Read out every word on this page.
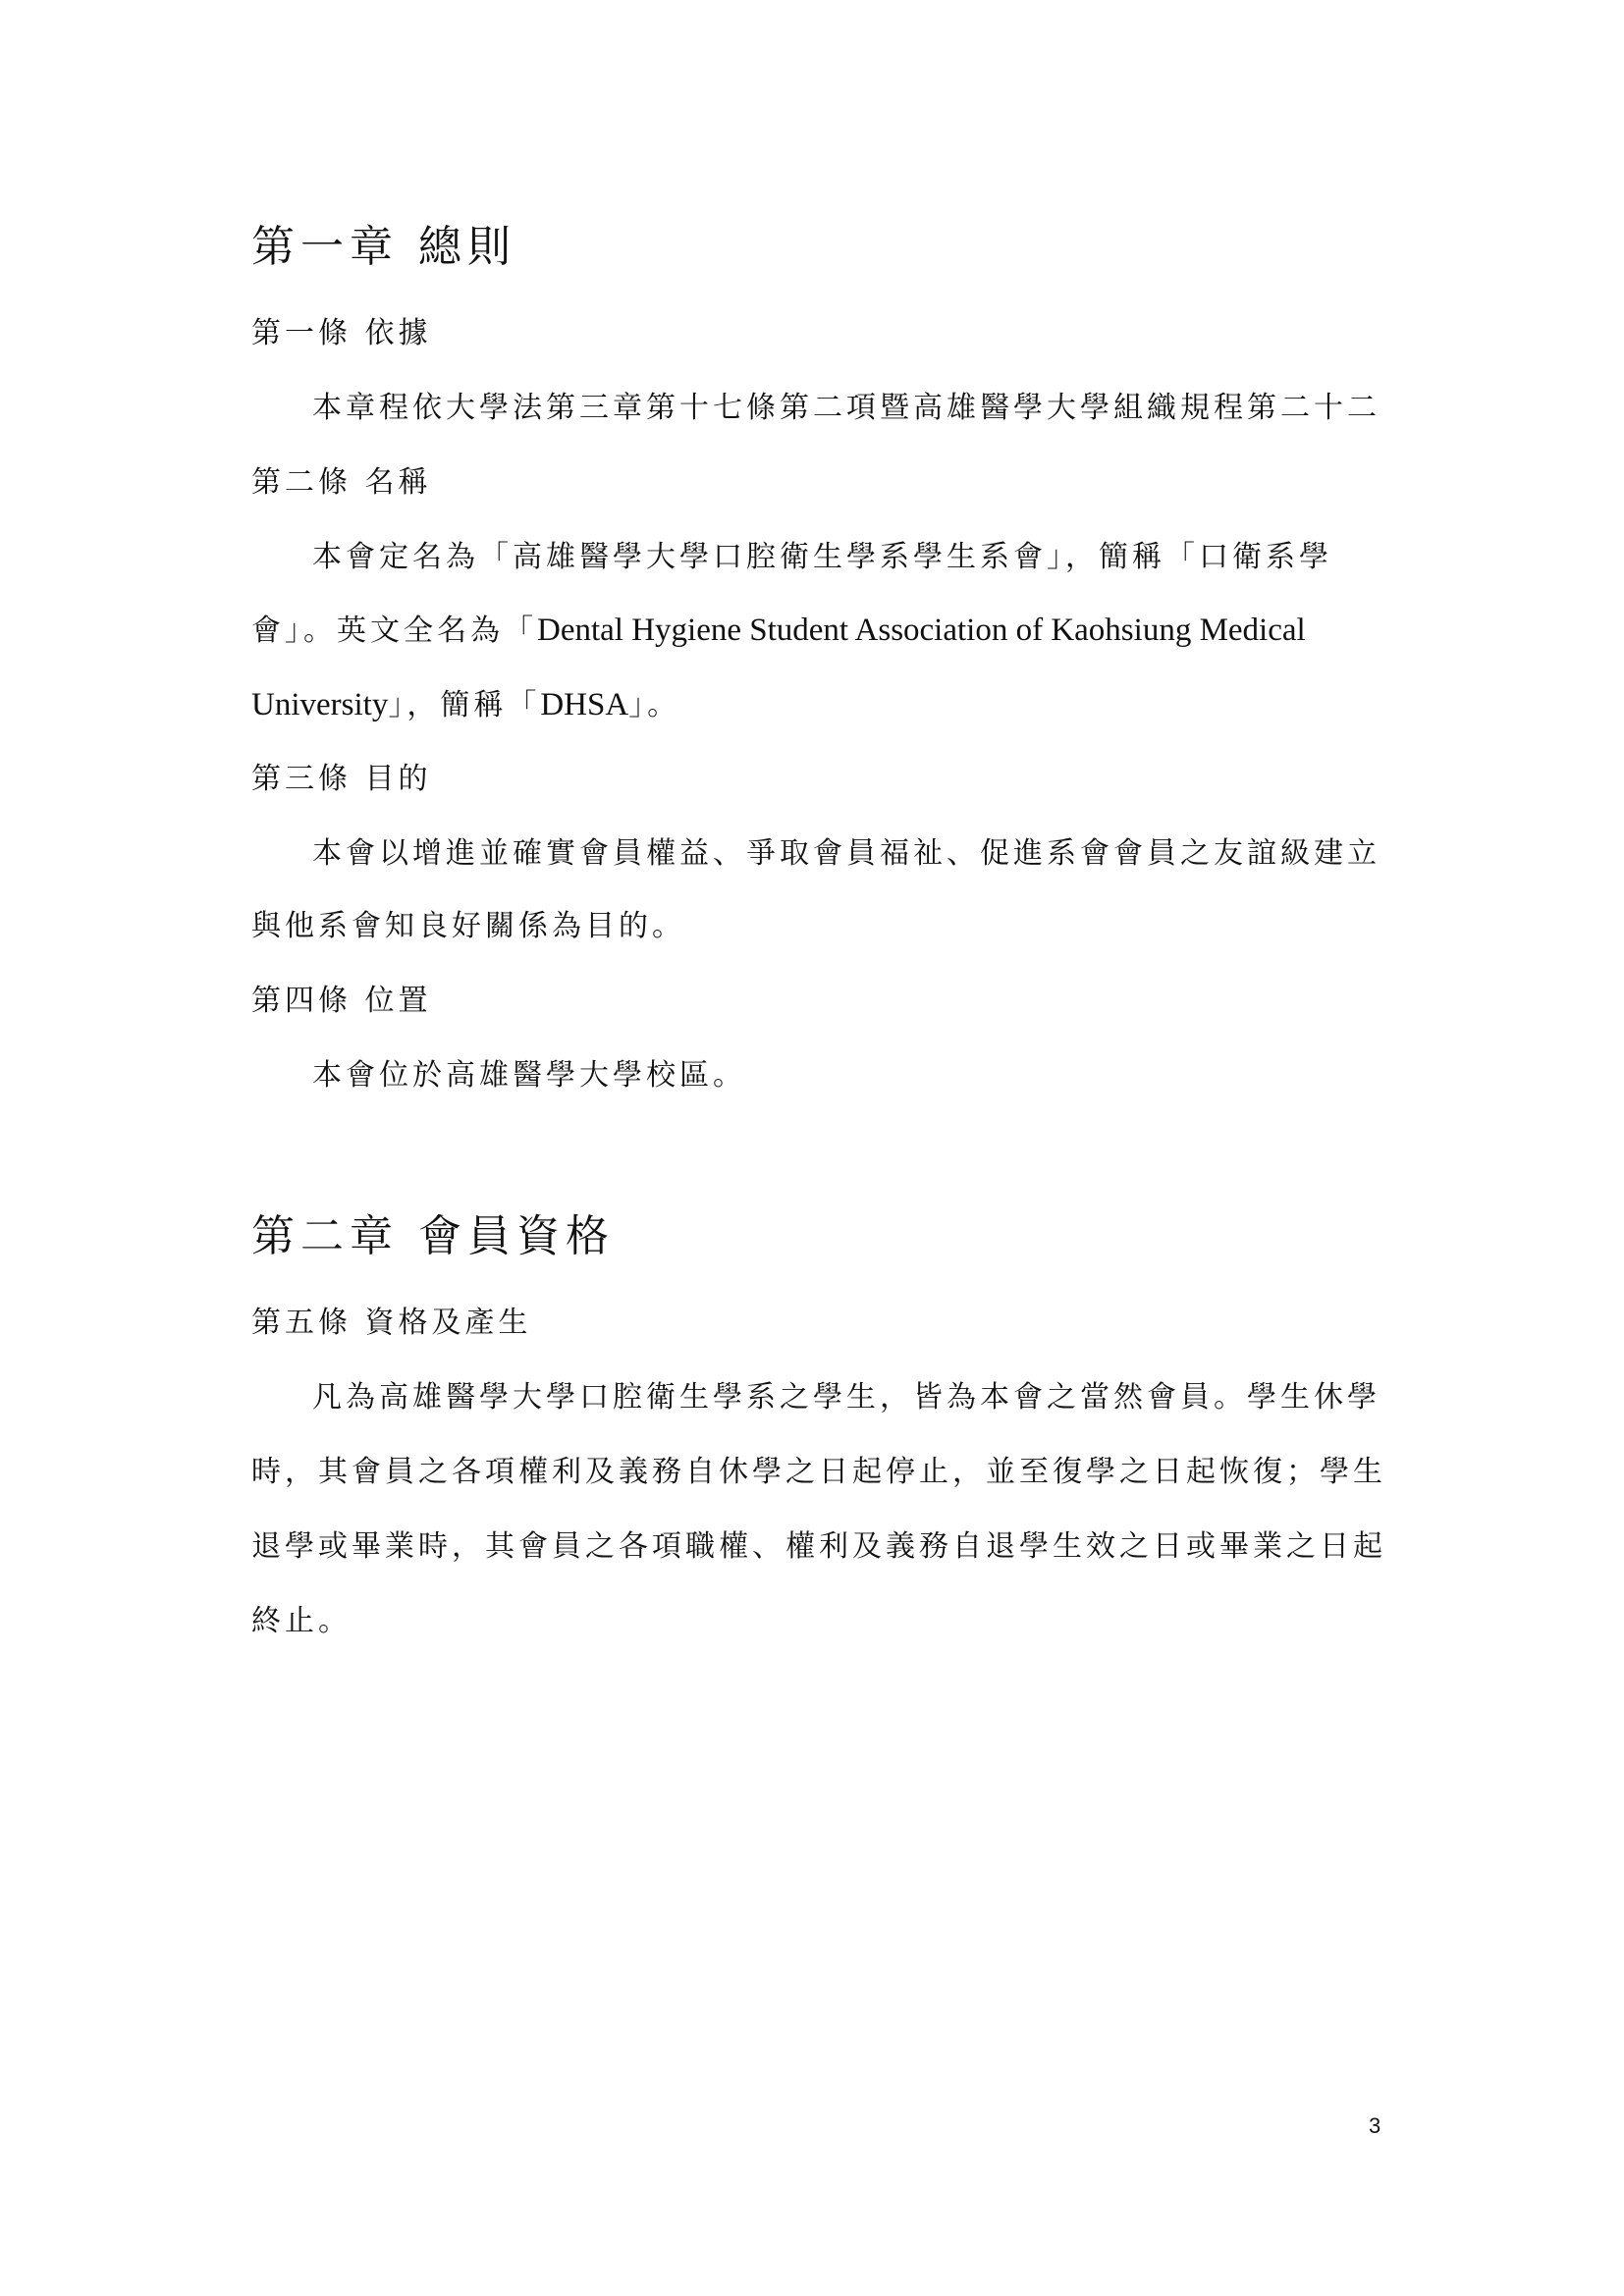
第一章 總則
第一條 依據
本章程依大學法第三章第十七條第二項暨高雄醫學大學組織規程第二十二
第二條 名稱
本會定名為「高雄醫學大學口腔衛生學系學生系會」，簡稱「口衛系學
會」。英文全名為「Dental Hygiene Student Association of Kaohsiung Medical
University」，簡稱「DHSA」。
第三條 目的
本會以增進並確實會員權益、爭取會員福祉、促進系會會員之友誼級建立
與他系會知良好關係為目的。
第四條 位置
本會位於高雄醫學大學校區。
第二章 會員資格
第五條 資格及產生
凡為高雄醫學大學口腔衛生學系之學生，皆為本會之當然會員。學生休學
時，其會員之各項權利及義務自休學之日起停止，並至復學之日起恢復；學生
退學或畢業時，其會員之各項職權、權利及義務自退學生效之日或畢業之日起
終止。
3
